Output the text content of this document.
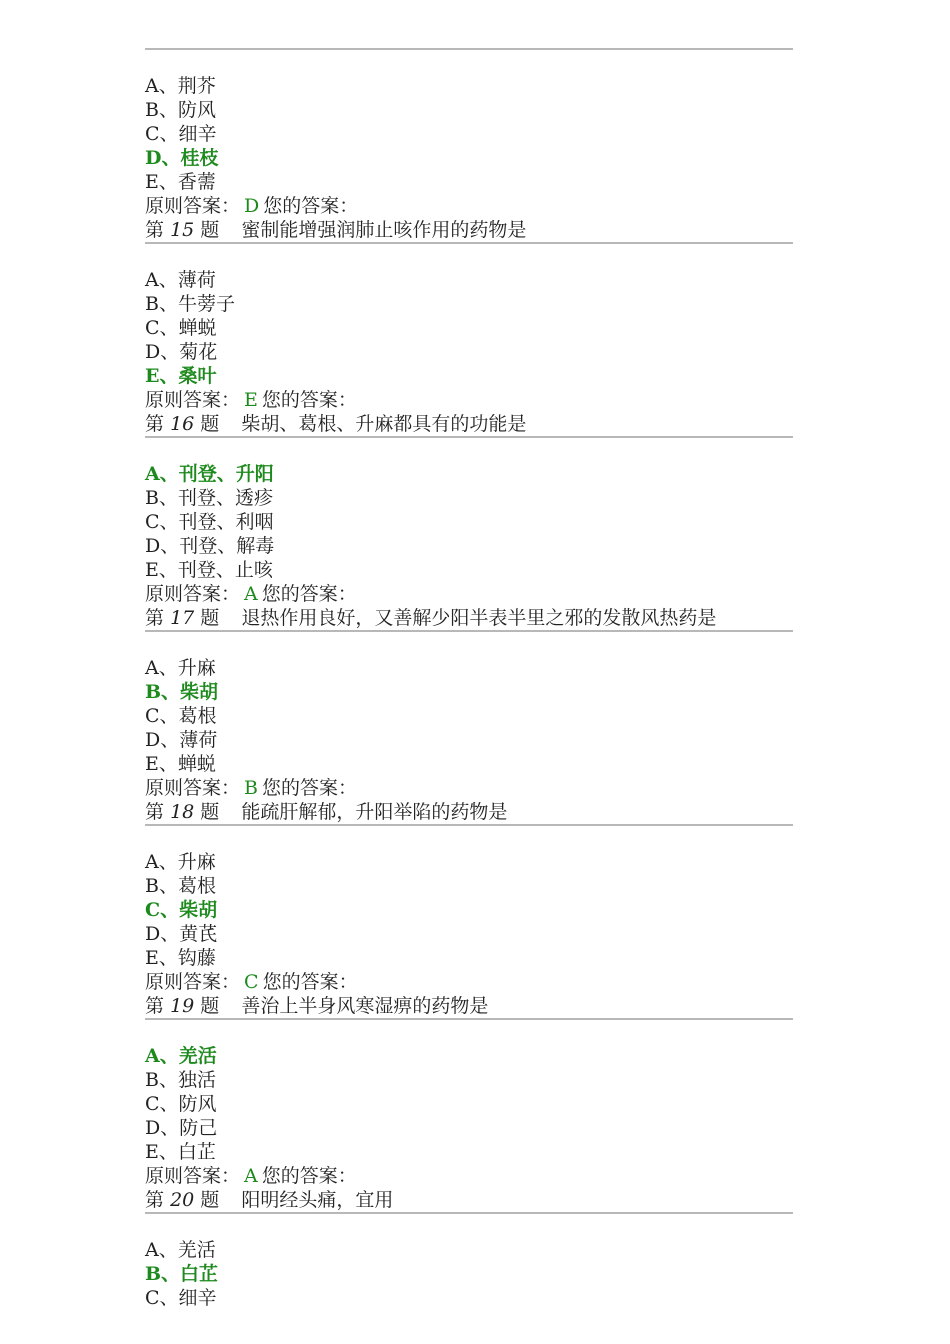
A、荆芥
B、防风
C、细辛
D、桂枝
E、香薷
原则答案： D 您的答案：
第 15 题 蜜制能增强润肺止咳作用的药物是
A、薄荷
B、牛蒡子
C、蝉蜕
D、菊花
E、桑叶
原则答案： E 您的答案：
第 16 题 柴胡、葛根、升麻都具有的功能是
A、刊登、升阳
B、刊登、透疹
C、刊登、利咽
D、刊登、解毒
E、刊登、止咳
原则答案： A 您的答案：
第 17 题 退热作用良好，又善解少阳半表半里之邪的发散风热药是
A、升麻
B、柴胡
C、葛根
D、薄荷
E、蝉蜕
原则答案： B 您的答案：
第 18 题 能疏肝解郁，升阳举陷的药物是
A、升麻
B、葛根
C、柴胡
D、黄芪
E、钩藤
原则答案： C 您的答案：
第 19 题 善治上半身风寒湿痹的药物是
A、羌活
B、独活
C、防风
D、防己
E、白芷
原则答案： A 您的答案：
第 20 题 阳明经头痛，宜用
A、羌活
B、白芷
C、细辛
